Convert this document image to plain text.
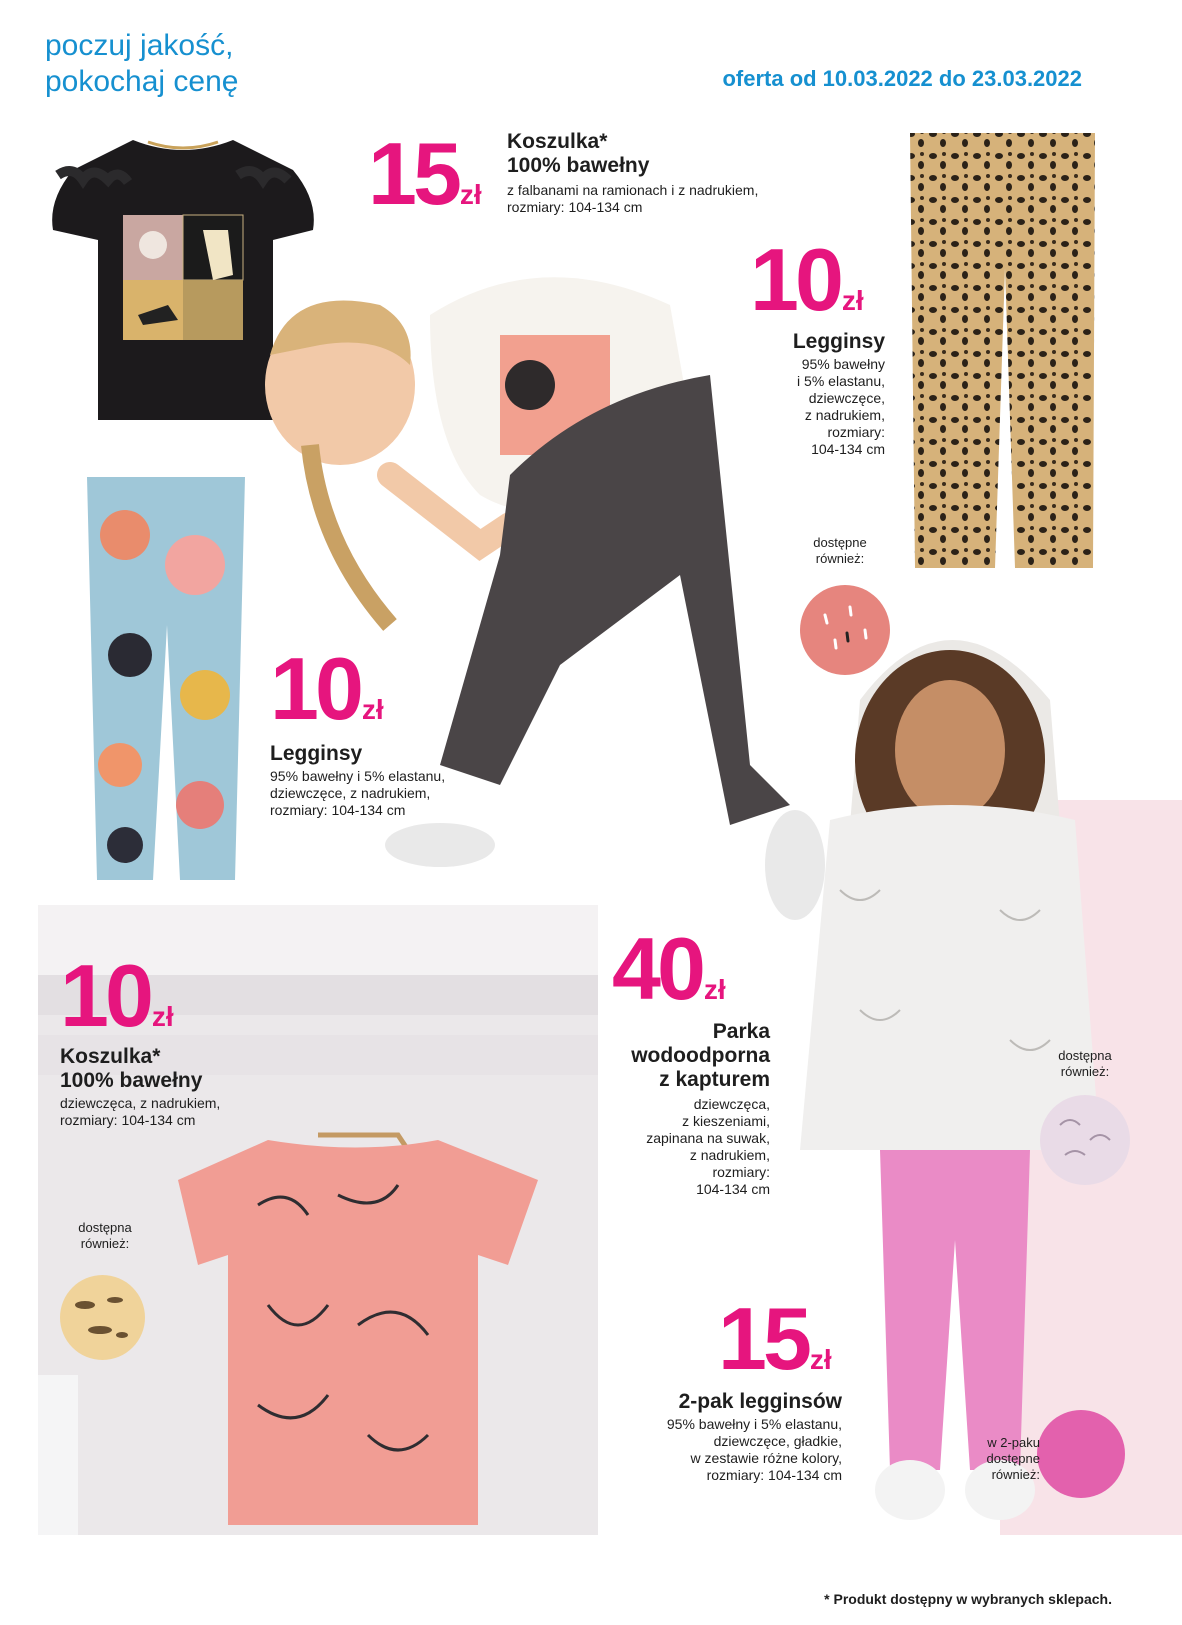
poczuj jakość,
pokochaj cenę	oferta od 10.03.2022 do 23.03.2022
15zł
Koszulka*
100% bawełny
z falbanami na ramionach i z nadrukiem,
rozmiary: 104-134 cm
10zł
Legginsy
95% bawełny
i 5% elastanu,
dziewczęce,
z nadrukiem,
rozmiary:
104-134 cm
dostępne
również:
10zł
Legginsy
95% bawełny i 5% elastanu,
dziewczęce, z nadrukiem,
rozmiary: 104-134 cm
10zł
Koszulka*
100% bawełny
dziewczęca, z nadrukiem,
rozmiary: 104-134 cm
dostępna
również:
40zł
Parka
wodoodporna
z kapturem
dziewczęca,
z kieszeniami,
zapinana na suwak,
z nadrukiem,
rozmiary:
104-134 cm
dostępna
również:
15zł
2-pak legginsów
95% bawełny i 5% elastanu,
dziewczęce, gładkie,
w zestawie różne kolory,
rozmiary: 104-134 cm
w 2-paku
dostępne
również:
* Produkt dostępny w wybranych sklepach.
